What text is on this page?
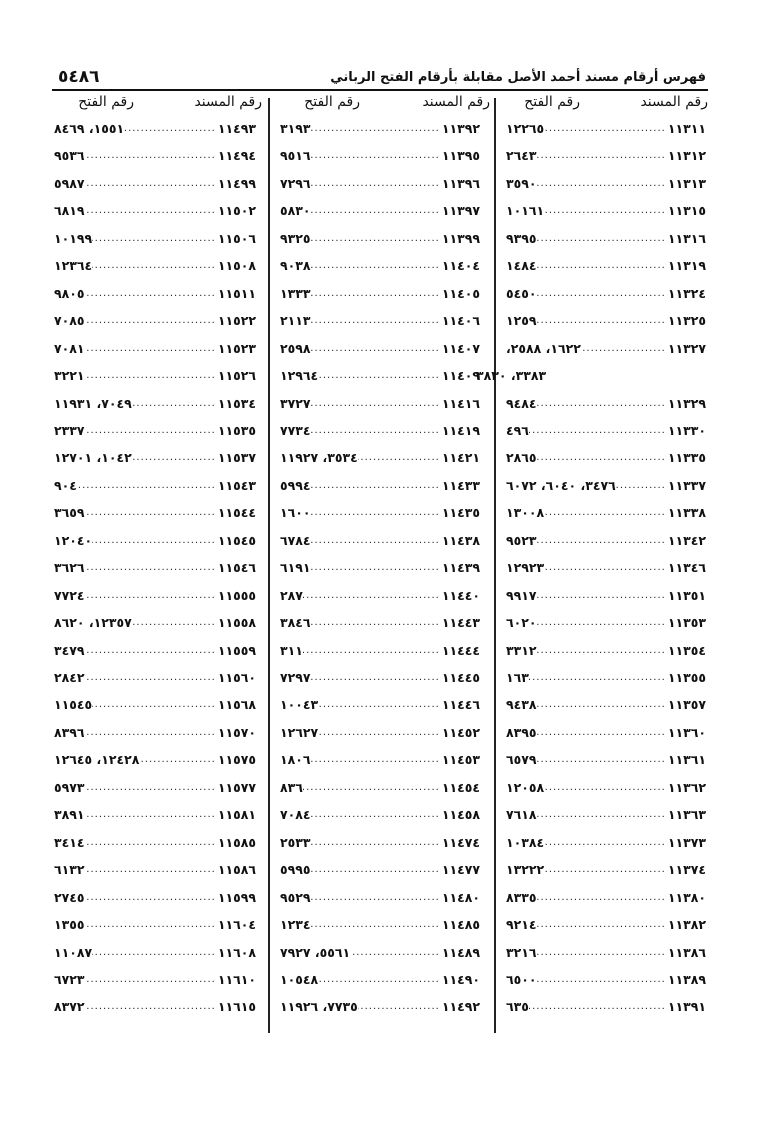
فهرس أرقام مسند أحمد الأصل مقابلة بأرقام الفتح الرباني
٥٤٨٦
رقم المسند
رقم الفتح
رقم المسند
رقم الفتح
رقم المسند
رقم الفتح
١١٣١١
.....
١٢٢٦٥
١١٣١٢
.....
٢٦٤٣
١١٣١٣
.....
٣٥٩٠
١١٣١٥
.....
١٠١٦١
١١٣١٦
.....
٩٣٩٥
١١٣١٩
.....
١٤٨٤
١١٣٢٤
.....
٥٤٥٠
١١٣٢٥
.....
١٢٥٩
١١٣٢٧
.....
١٦٢٢، ٢٥٨٨،
٣٣٨٣، ٣٨٣٠
١١٣٢٩
.....
٩٤٨٤
١١٣٣٠
.....
٤٩٦
١١٣٣٥
.....
٢٨٦٥
١١٣٣٧
.....
٣٤٧٦، ٦٠٤٠، ٦٠٧٢
١١٣٣٨
.....
١٣٠٠٨
١١٣٤٢
.....
٩٥٢٣
١١٣٤٦
.....
١٢٩٢٣
١١٣٥١
.....
٩٩١٧
١١٣٥٣
.....
٦٠٢٠
١١٣٥٤
.....
٣٣١٢
١١٣٥٥
.....
١٦٣
١١٣٥٧
.....
٩٤٣٨
١١٣٦٠
.....
٨٣٩٥
١١٣٦١
.....
٦٥٧٩
١١٣٦٢
.....
١٢٠٥٨
١١٣٦٣
.....
٧٦١٨
١١٣٧٣
.....
١٠٣٨٤
١١٣٧٤
.....
١٣٢٢٢
١١٣٨٠
.....
٨٣٣٥
١١٣٨٢
.....
٩٢١٤
١١٣٨٦
.....
٣٢١٦
١١٣٨٩
.....
٦٥٠٠
١١٣٩١
.....
٦٣٥
١١٣٩٢
.....
٣١٩٣
١١٣٩٥
.....
٩٥١٦
١١٣٩٦
.....
٧٢٩٦
١١٣٩٧
.....
٥٨٣٠
١١٣٩٩
.....
٩٣٢٥
١١٤٠٤
.....
٩٠٣٨
١١٤٠٥
.....
١٣٣٣
١١٤٠٦
.....
٢١١٣
١١٤٠٧
.....
٢٥٩٨
١١٤٠٩
.....
١٢٩٦٤
١١٤١٦
.....
٣٧٢٧
١١٤١٩
.....
٧٧٣٤
١١٤٢١
.....
٣٥٣٤، ١١٩٢٧
١١٤٣٣
.....
٥٩٩٤
١١٤٣٥
.....
١٦٠٠
١١٤٣٨
.....
٦٧٨٤
١١٤٣٩
.....
٦١٩١
١١٤٤٠
.....
٢٨٧
١١٤٤٣
.....
٣٨٤٦
١١٤٤٤
.....
٣١١
١١٤٤٥
.....
٧٢٩٧
١١٤٤٦
.....
١٠٠٤٣
١١٤٥٢
.....
١٢٦٢٧
١١٤٥٣
.....
١٨٠٦
١١٤٥٤
.....
٨٣٦
١١٤٥٨
.....
٧٠٨٤
١١٤٧٤
.....
٢٥٣٣
١١٤٧٧
.....
٥٩٩٥
١١٤٨٠
.....
٩٥٢٩
١١٤٨٥
.....
١٢٣٤
١١٤٨٩
.....
٥٥٦١، ٧٩٢٧
١١٤٩٠
.....
١٠٥٤٨
١١٤٩٢
.....
٧٧٣٥، ١١٩٢٦
١١٤٩٣
.....
١٥٥١، ٨٤٦٩
١١٤٩٤
.....
٩٥٣٦
١١٤٩٩
.....
٥٩٨٧
١١٥٠٢
.....
٦٨١٩
١١٥٠٦
.....
١٠١٩٩
١١٥٠٨
.....
١٢٣٦٤
١١٥١١
.....
٩٨٠٥
١١٥٢٢
.....
٧٠٨٥
١١٥٢٣
.....
٧٠٨١
١١٥٢٦
.....
٣٢٢١
١١٥٣٤
.....
٧٠٤٩، ١١٩٣١
١١٥٣٥
.....
٢٣٣٧
١١٥٣٧
.....
١٠٤٢، ١٢٧٠١
١١٥٤٣
.....
٩٠٤
١١٥٤٤
.....
٣٦٥٩
١١٥٤٥
.....
١٢٠٤٠
١١٥٤٦
.....
٣٦٢٦
١١٥٥٥
.....
٧٧٢٤
١١٥٥٨
.....
١٢٣٥٧، ٨٦٢٠
١١٥٥٩
.....
٣٤٧٩
١١٥٦٠
.....
٢٨٤٢
١١٥٦٨
.....
١١٥٤٥
١١٥٧٠
.....
٨٣٩٦
١١٥٧٥
.....
١٢٤٢٨، ١٢٦٤٥
١١٥٧٧
.....
٥٩٧٣
١١٥٨١
.....
٣٨٩١
١١٥٨٥
.....
٣٤١٤
١١٥٨٦
.....
٦١٣٢
١١٥٩٩
.....
٢٧٤٥
١١٦٠٤
.....
١٣٥٥
١١٦٠٨
.....
١١٠٨٧
١١٦١٠
.....
٦٧٢٣
١١٦١٥
.....
٨٣٧٢
